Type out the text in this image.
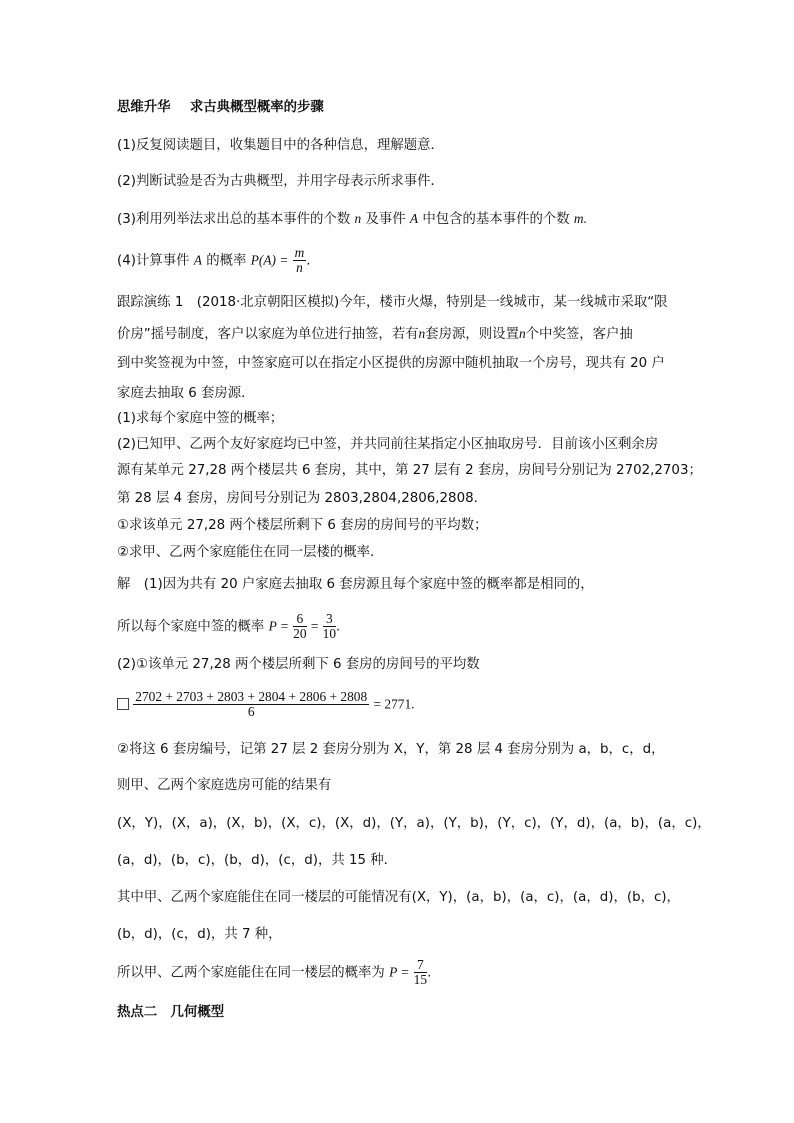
思维升华 求古典概型概率的步骤
(1)反复阅读题目，收集题目中的各种信息，理解题意．
(2)判断试验是否为古典概型，并用字母表示所求事件．
(3)利用列举法求出总的基本事件的个数 n 及事件 A 中包含的基本事件的个数 m.
(4)计算事件 A 的概率 $P(A) = \frac{m}{n}$ .
跟踪演练 1　(2018·北京朝阳区模拟)今年，楼市火爆，特别是一线城市，某一线城市采取“限
价房”摇号制度，客户以家庭为单位进行抽签，若有n套房源，则设置n个中奖签，客户抽
到中奖签视为中签，中签家庭可以在指定小区提供的房源中随机抽取一个房号，现共有 20 户
家庭去抽取 6 套房源．
(1)求每个家庭中签的概率；
(2)已知甲、乙两个友好家庭均已中签，并共同前往某指定小区抽取房号．目前该小区剩余房
源有某单元 27,28 两个楼层共 6 套房，其中，第 27 层有 2 套房，房间号分别记为 2702,2703；
第 28 层 4 套房，房间号分别记为 2803,2804,2806,2808.
①求该单元 27,28 两个楼层所剩下 6 套房的房间号的平均数；
②求甲、乙两个家庭能住在同一层楼的概率．
解　(1)因为共有 20 户家庭去抽取 6 套房源且每个家庭中签的概率都是相同的，
所以每个家庭中签的概率 $P = \frac{6}{20} = \frac{3}{10}$ .
(2)①该单元 27,28 两个楼层所剩下 6 套房的房间号的平均数

$\frac{2702 + 2703 + 2803 + 2804 + 2806 + 2808}{6} = 2771$.
②将这 6 套房编号，记第 27 层 2 套房分别为 X，Y，第 28 层 4 套房分别为 a，b，c，d，
则甲、乙两个家庭选房可能的结果有
(X，Y)，(X，a)，(X，b)，(X，c)，(X，d)，(Y，a)，(Y，b)，(Y，c)，(Y，d)，(a，b)，(a，c)，
(a，d)，(b，c)，(b，d)，(c，d)，共 15 种．
其中甲、乙两个家庭能住在同一楼层的可能情况有(X，Y)，(a，b)，(a，c)，(a，d)，(b，c)，
(b，d)，(c，d)，共 7 种，
所以甲、乙两个家庭能住在同一楼层的概率为 $P = \frac{7}{15}$ .
热点二　几何概型
